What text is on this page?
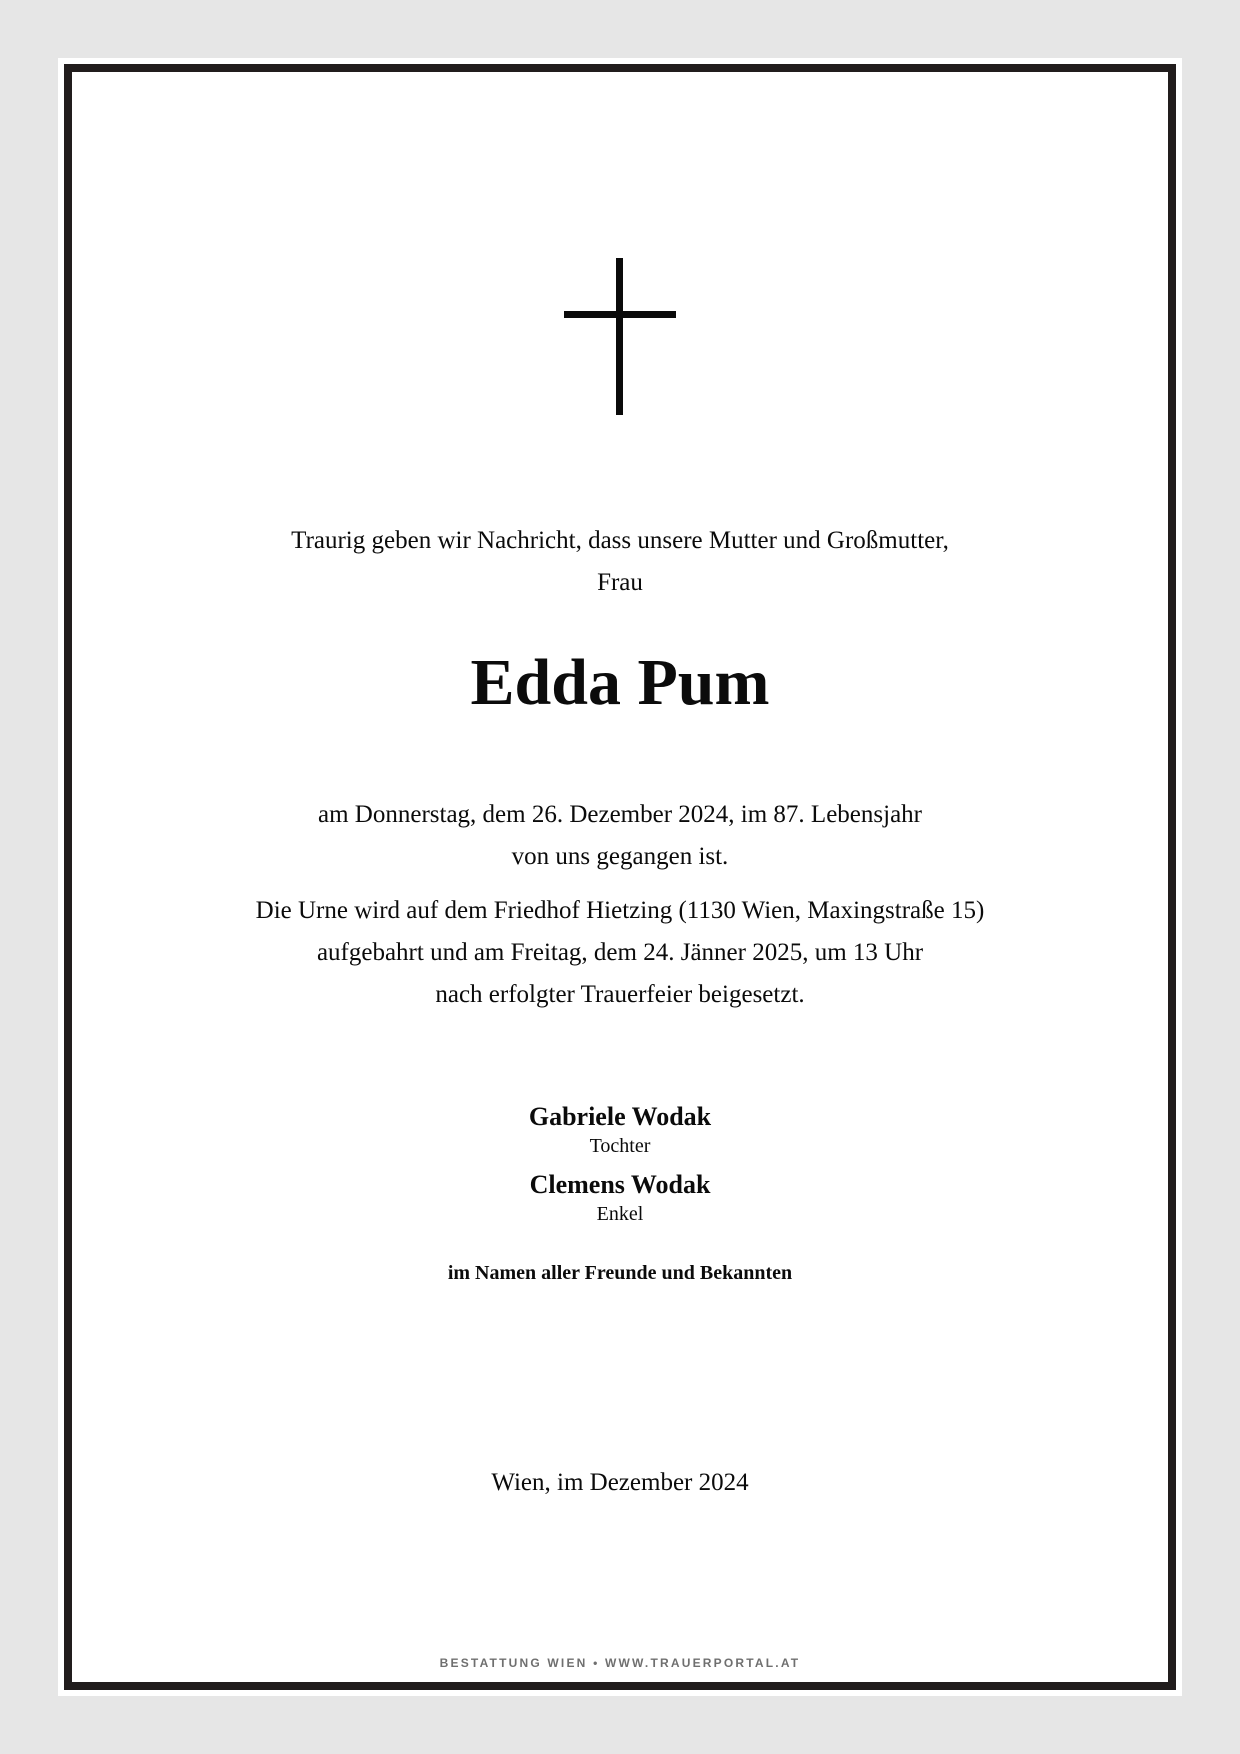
Traurig geben wir Nachricht, dass unsere Mutter und Großmutter,
Frau
Edda Pum
am Donnerstag, dem 26. Dezember 2024, im 87. Lebensjahr
von uns gegangen ist.
Die Urne wird auf dem Friedhof Hietzing (1130 Wien, Maxingstraße 15)
aufgebahrt und am Freitag, dem 24. Jänner 2025, um 13 Uhr
nach erfolgter Trauerfeier beigesetzt.
Gabriele Wodak
Tochter
Clemens Wodak
Enkel
im Namen aller Freunde und Bekannten
Wien, im Dezember 2024
BESTATTUNG WIEN • WWW.TRAUERPORTAL.AT
